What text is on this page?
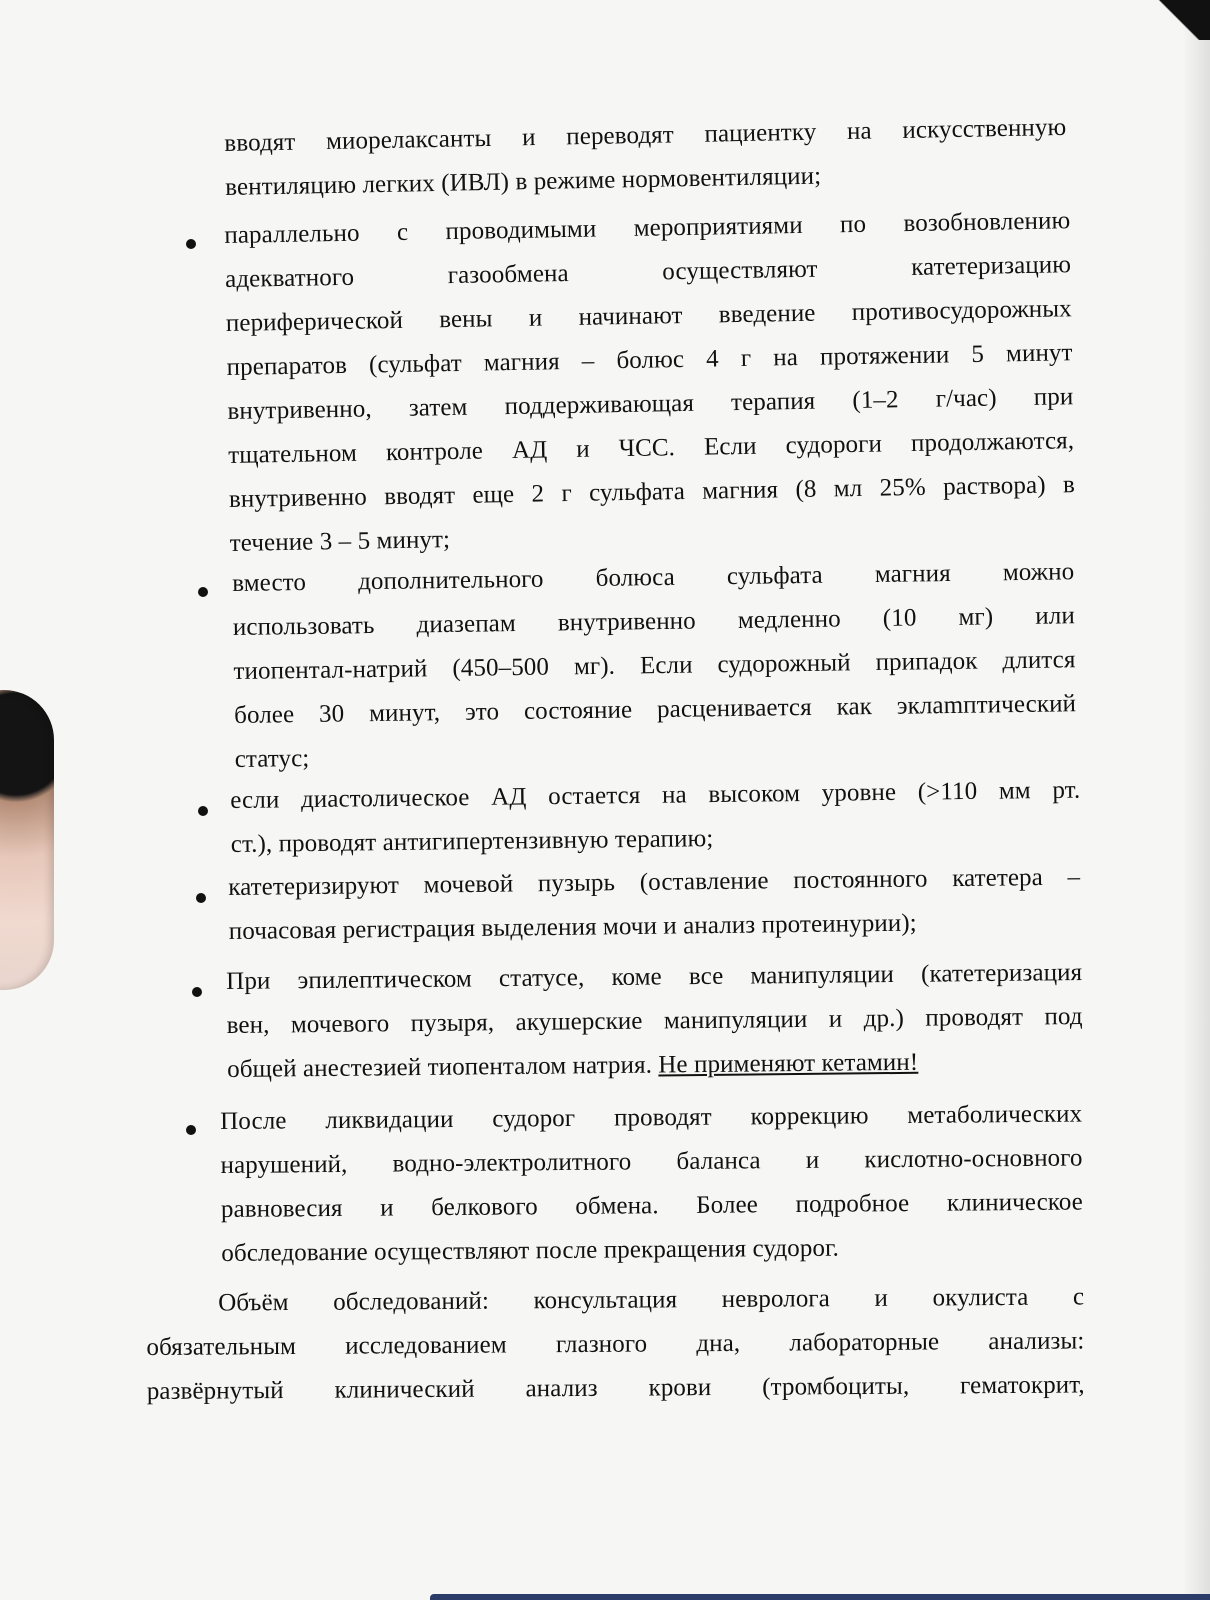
вводят миорелаксанты и переводят пациентку на искусственную
вентиляцию легких (ИВЛ) в режиме нормовентиляции;
параллельно с проводимыми мероприятиями по возобновлению
адекватного газообмена осуществляют катетеризацию
периферической вены и начинают введение противосудорожных
препаратов (сульфат магния – болюс 4 г на протяжении 5 минут
внутривенно, затем поддерживающая терапия (1–2 г/час) при
тщательном контроле АД и ЧСС. Если судороги продолжаются,
внутривенно вводят еще 2 г сульфата магния (8 мл 25% раствора) в
течение 3 – 5 минут;
вместо дополнительного болюса сульфата магния можно
использовать диазепам внутривенно медленно (10 мг) или
тиопентал-натрий (450–500 мг). Если судорожный припадок длится
более 30 минут, это состояние расценивается как эклamптический
статус;
если диастолическое АД остается на высоком уровне (>110 мм рт.
ст.), проводят антигипертензивную терапию;
катетеризируют мочевой пузырь (оставление постоянного катетера –
почасовая регистрация выделения мочи и анализ протеинурии);
При эпилептическом статусе, коме все манипуляции (катетеризация
вен, мочевого пузыря, акушерские манипуляции и др.) проводят под
общей анестезией тиопенталом натрия. Не применяют кетамин!
После ликвидации судорог проводят коррекцию метаболических
нарушений, водно-электролитного баланса и кислотно-основного
равновесия и белкового обмена. Более подробное клиническое
обследование осуществляют после прекращения судорог.
Объём обследований: консультация невролога и окулиста с
обязательным исследованием глазного дна, лабораторные анализы:
развёрнутый клинический анализ крови (тромбоциты, гематокрит,
